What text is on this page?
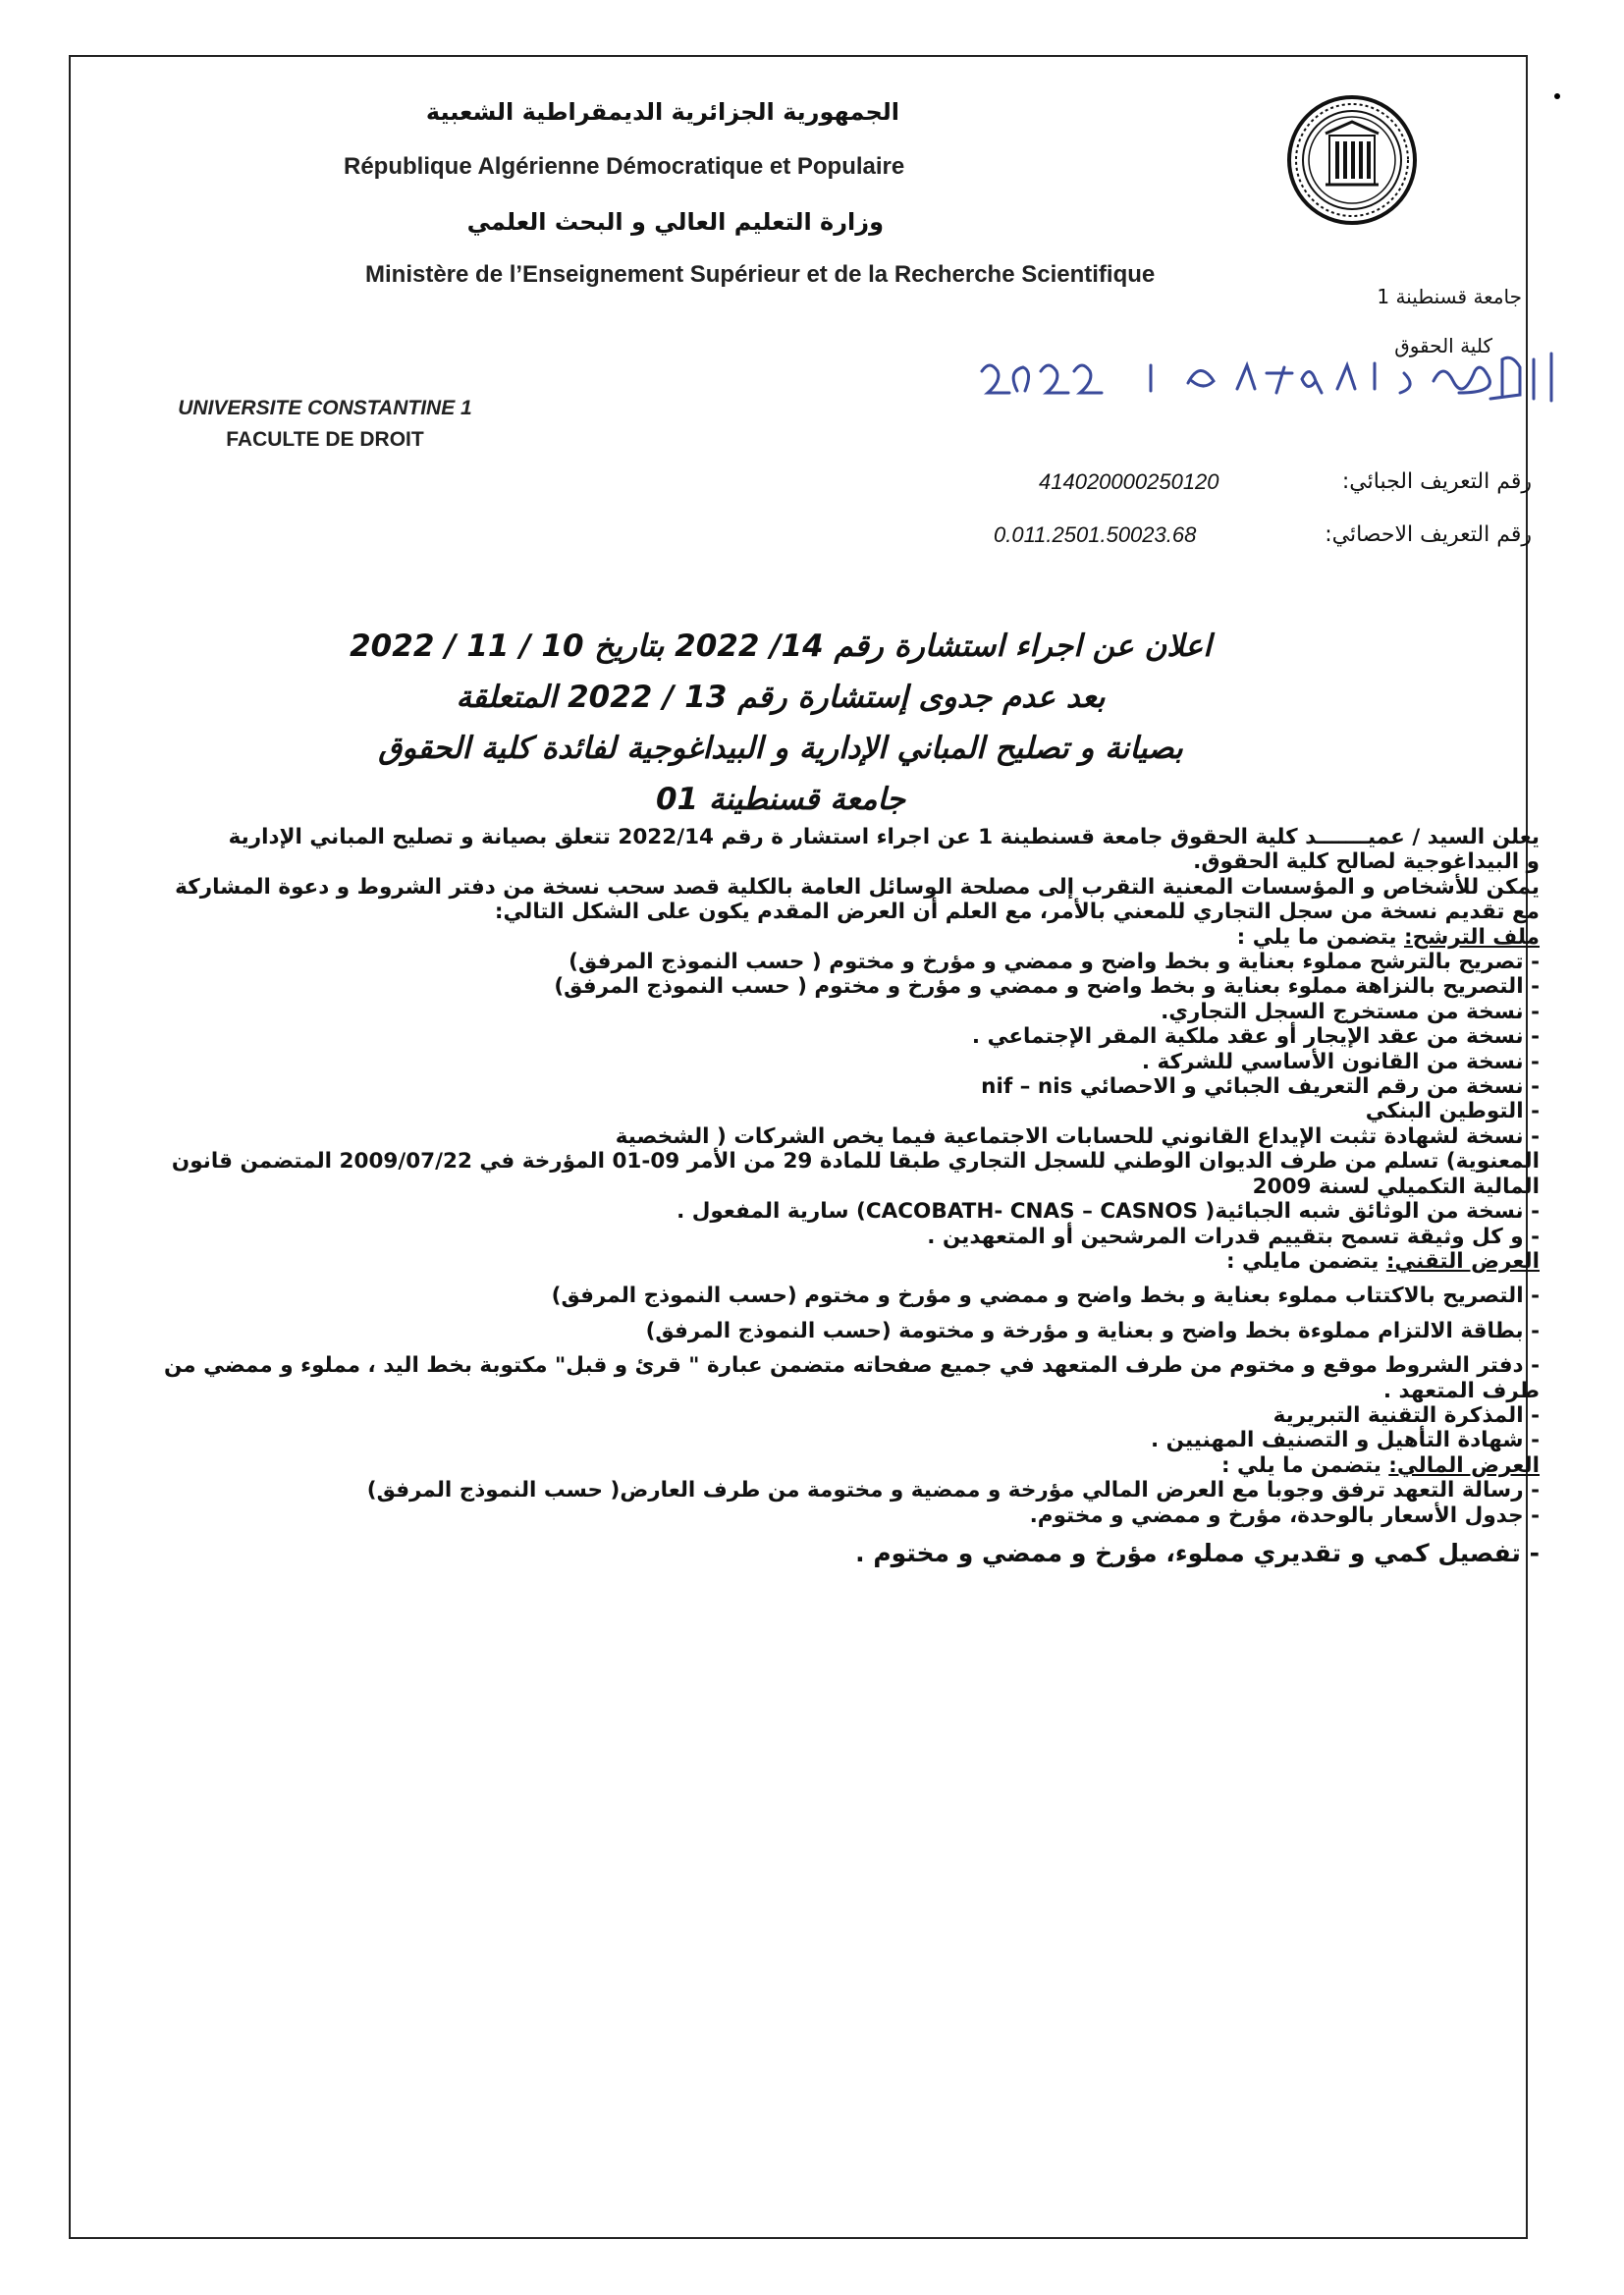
الجمهورية الجزائرية الديمقراطية الشعبية
République Algérienne Démocratique et Populaire
وزارة التعليم العالي و البحث العلمي
Ministère de l’Enseignement Supérieur et de la Recherche Scientifique
جامعة قسنطينة 1
كلية الحقوق
UNIVERSITE CONSTANTINE 1
FACULTE DE DROIT
رقم التعريف الجبائي:
414020000250120
رقم التعريف الاحصائي:
0.011.2501.50023.68
اعلان عن اجراء استشارة رقم 14/ 2022 بتاريخ 10 / 11 / 2022
بعد عدم جدوى إستشارة رقم 13 / 2022 المتعلقة
بصيانة و تصليح المباني الإدارية و البيداغوجية لفائدة كلية الحقوق
جامعة قسنطينة 01
يعلن السيد / عميـــــــد كلية الحقوق جامعة قسنطينة 1 عن اجراء استشار ة رقم 2022/14 تتعلق بصيانة و تصليح المباني الإدارية
و البيداغوجية لصالح كلية الحقوق.
يمكن للأشخاص و المؤسسات المعنية التقرب إلى مصلحة الوسائل العامة بالكلية قصد سحب نسخة من دفتر الشروط و دعوة المشاركة
مع تقديم نسخة من سجل التجاري للمعني بالأمر، مع العلم أن العرض المقدم يكون على الشكل التالي:
ملف الترشح: يتضمن ما يلي :
- تصريح بالترشح مملوء بعناية و بخط واضح و ممضي و مؤرخ و مختوم ( حسب النموذج المرفق)
- التصريح بالنزاهة مملوء بعناية و بخط واضح و ممضي و مؤرخ و مختوم ( حسب النموذج المرفق)
- نسخة من مستخرج السجل التجاري.
- نسخة من عقد الإيجار أو عقد ملكية المقر الإجتماعي .
- نسخة من القانون الأساسي للشركة .
- نسخة من رقم التعريف الجبائي و الاحصائي nif – nis
- التوطين البنكي
- نسخة لشهادة تثبت الإيداع القانوني للحسابات الاجتماعية فيما يخص الشركات ( الشخصية
المعنوية) تسلم من طرف الديوان الوطني للسجل التجاري طبقا للمادة 29 من الأمر 09-01 المؤرخة في 2009/07/22 المتضمن قانون
المالية التكميلي لسنة 2009
- نسخة من الوثائق شبه الجبائية( CACOBATH- CNAS – CASNOS) سارية المفعول .
- و كل وثيقة تسمح بتقييم قدرات المرشحين أو المتعهدين .
العرض التقني: يتضمن مايلي :
- التصريح بالاكتتاب مملوء بعناية و بخط واضح و ممضي و مؤرخ و مختوم (حسب النموذج المرفق)
- بطاقة الالتزام مملوءة بخط واضح و بعناية و مؤرخة و مختومة (حسب النموذج المرفق)
- دفتر الشروط موقع و مختوم من طرف المتعهد في جميع صفحاته متضمن عبارة " قرئ و قبل" مكتوبة بخط اليد ، مملوء و ممضي من
طرف المتعهد .
- المذكرة التقنية التبريرية
- شهادة التأهيل و التصنيف المهنيين .
العرض المالي: يتضمن ما يلي :
- رسالة التعهد ترفق وجوبا مع العرض المالي مؤرخة و ممضية و مختومة من طرف العارض( حسب النموذج المرفق)
- جدول الأسعار بالوحدة، مؤرخ و ممضي و مختوم.
- تفصيل كمي و تقديري مملوء، مؤرخ و ممضي و مختوم .
